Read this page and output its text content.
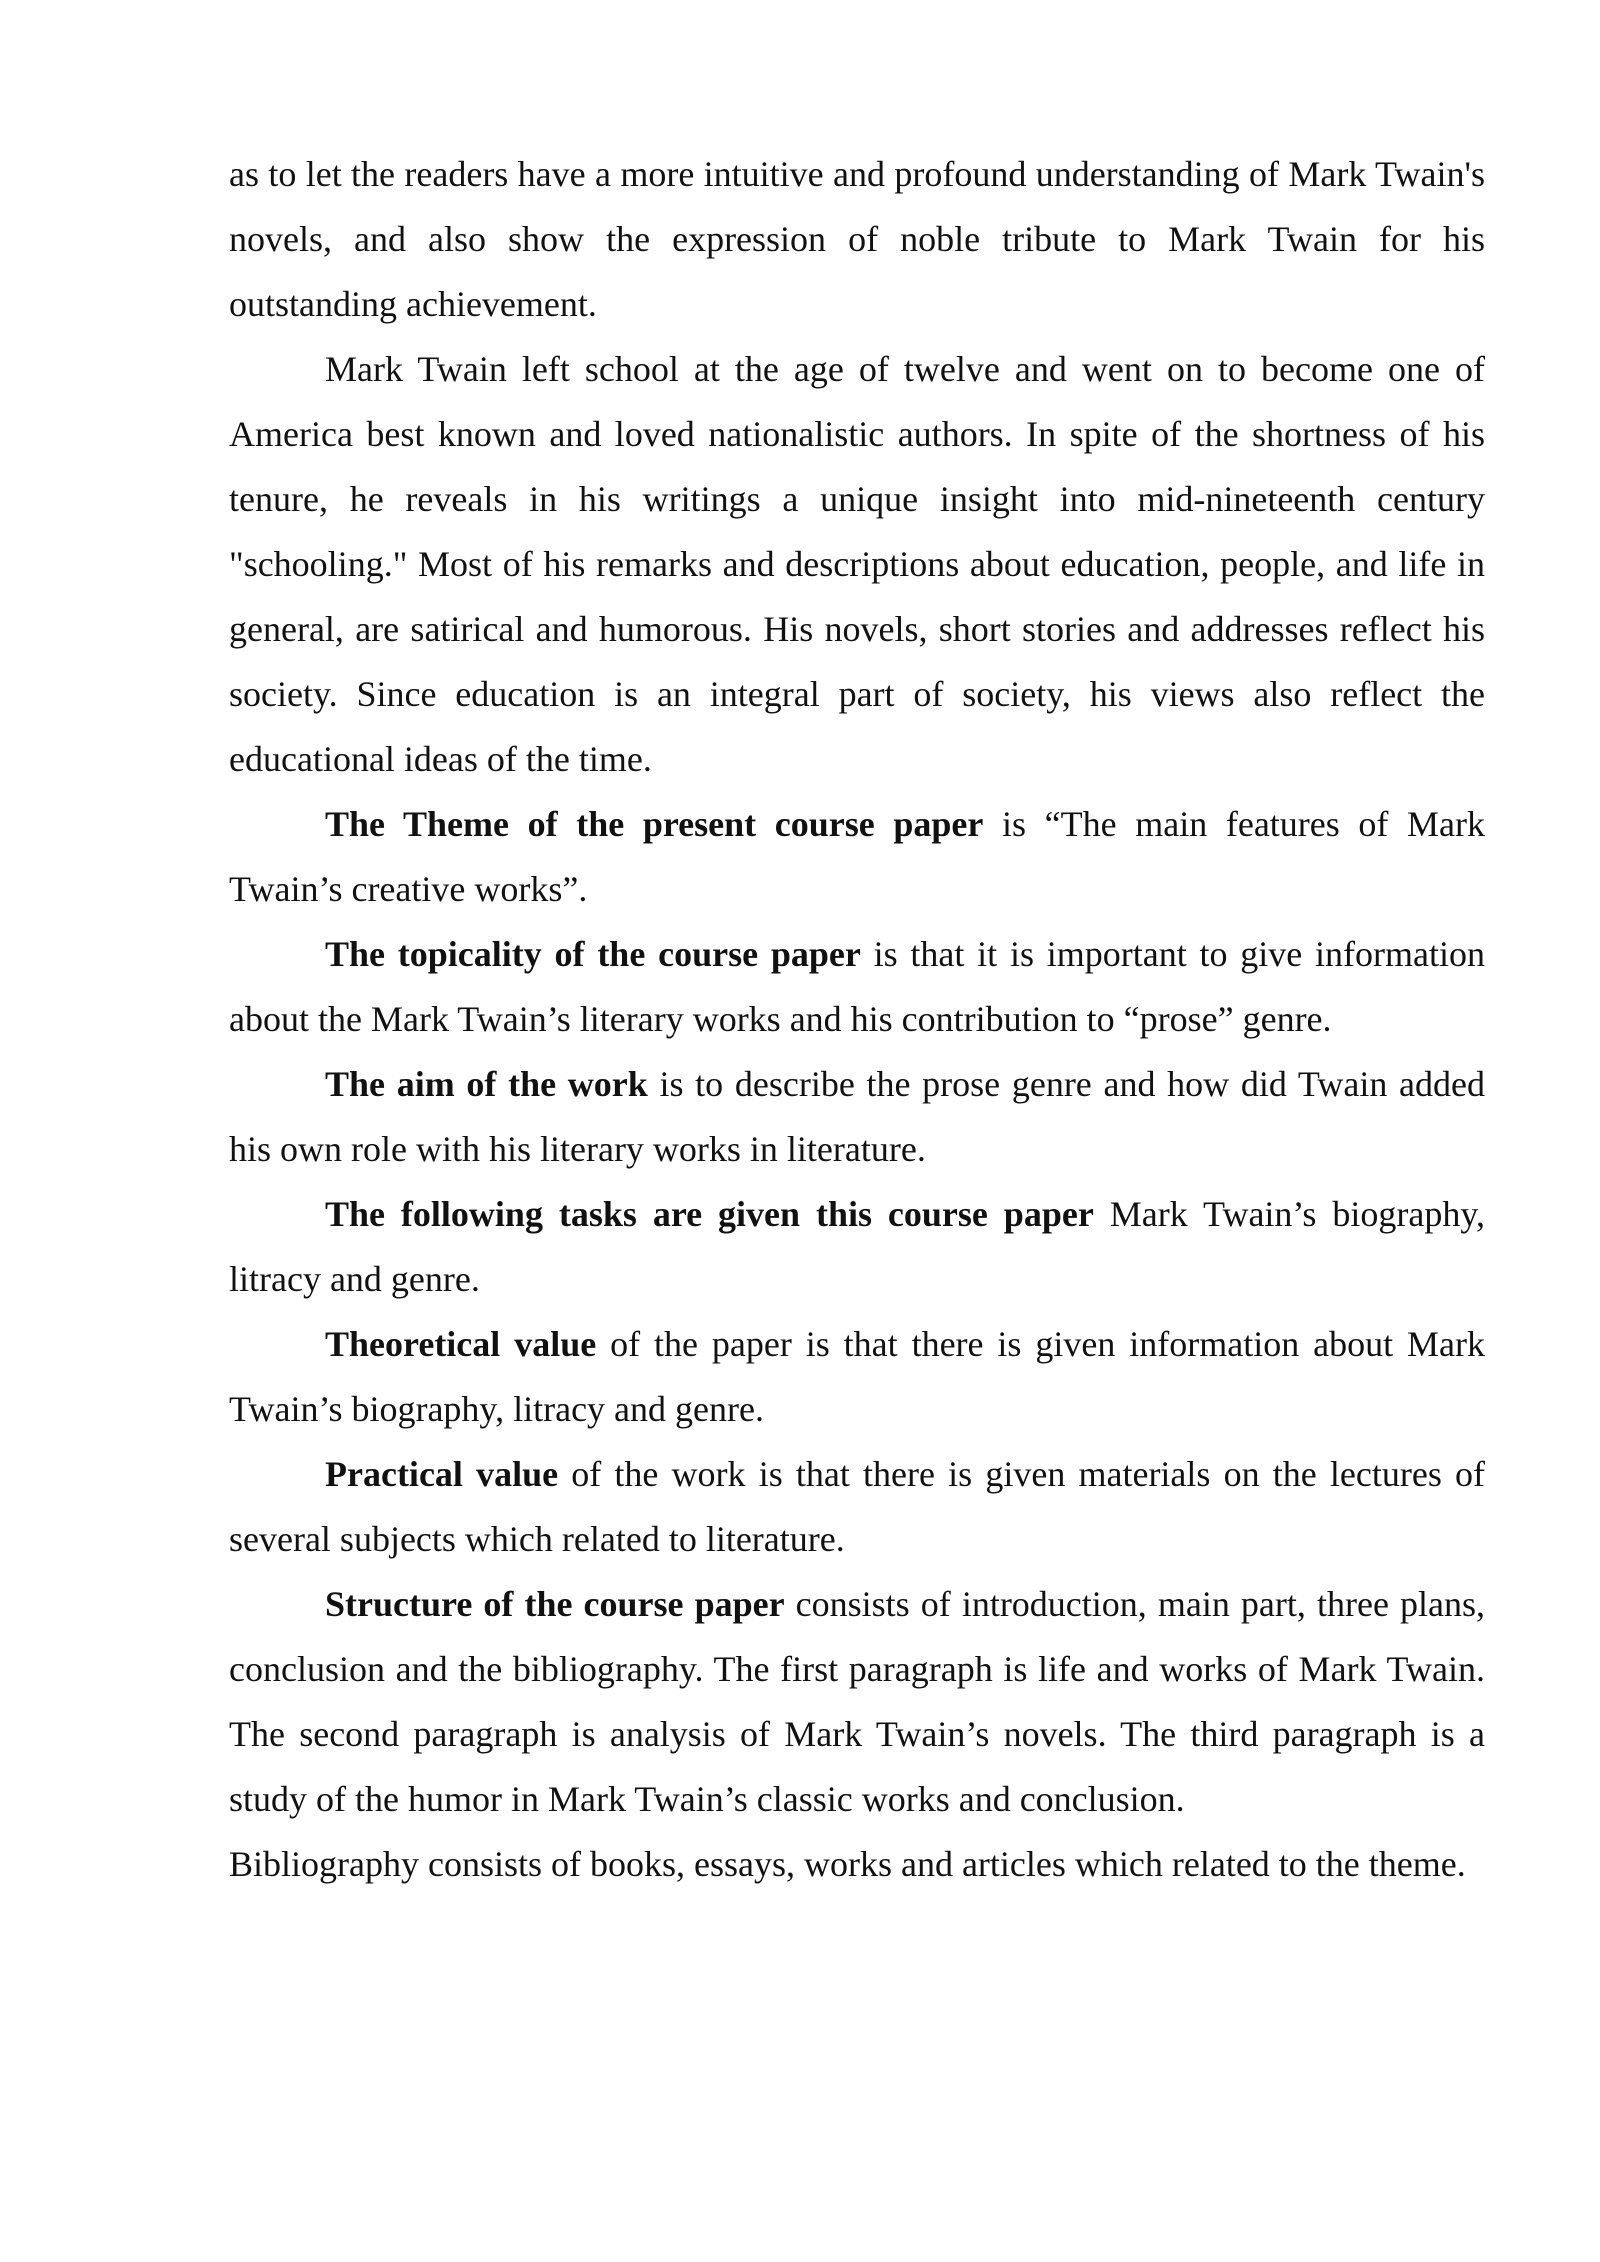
as to let the readers have a more intuitive and profound understanding of Mark Twain's novels, and also show the expression of noble tribute to Mark Twain for his outstanding achievement.

Mark Twain left school at the age of twelve and went on to become one of America best known and loved nationalistic authors. In spite of the shortness of his tenure, he reveals in his writings a unique insight into mid-nineteenth century "schooling." Most of his remarks and descriptions about education, people, and life in general, are satirical and humorous. His novels, short stories and addresses reflect his society. Since education is an integral part of society, his views also reflect the educational ideas of the time.

The Theme of the present course paper is “The main features of Mark Twain’s creative works”.

The topicality of the course paper is that it is important to give information about the Mark Twain’s literary works and his contribution to “prose” genre.

The aim of the work is to describe the prose genre and how did Twain added his own role with his literary works in literature.

The following tasks are given this course paper Mark Twain’s biography, litracy and genre.

Theoretical value of the paper is that there is given information about Mark Twain’s biography, litracy and genre.

Practical value of the work is that there is given materials on the lectures of several subjects which related to literature.

Structure of the course paper consists of introduction, main part, three plans, conclusion and the bibliography. The first paragraph is life and works of Mark Twain. The second paragraph is analysis of Mark Twain’s novels. The third paragraph is a study of the humor in Mark Twain’s classic works and conclusion.

Bibliography consists of books, essays, works and articles which related to the theme.
